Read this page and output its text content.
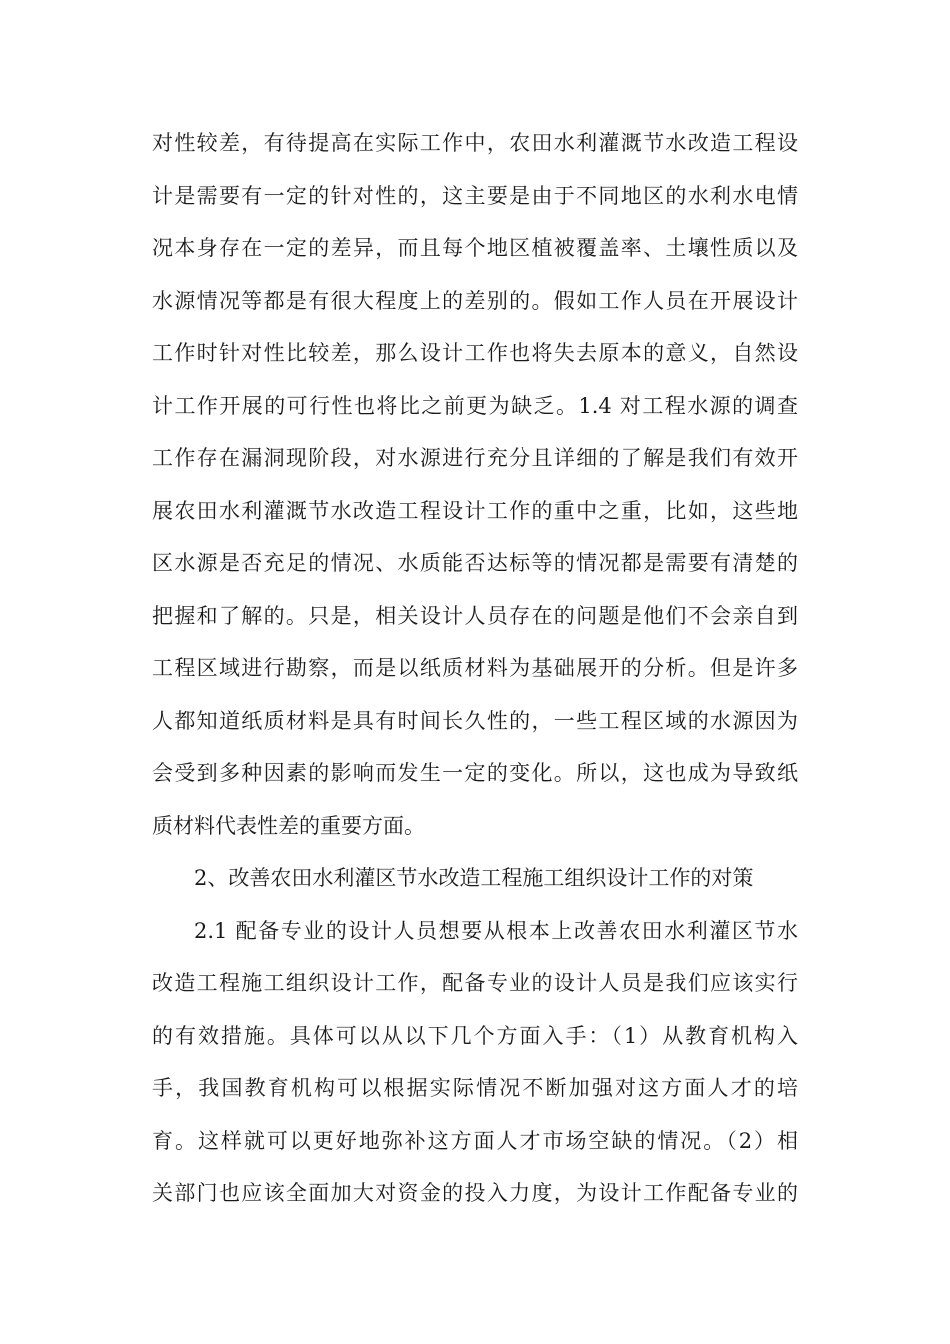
对性较差，有待提高在实际工作中，农田水利灌溉节水改造工程设
计是需要有一定的针对性的，这主要是由于不同地区的水利水电情
况本身存在一定的差异，而且每个地区植被覆盖率、土壤性质以及
水源情况等都是有很大程度上的差别的。假如工作人员在开展设计
工作时针对性比较差，那么设计工作也将失去原本的意义，自然设
计工作开展的可行性也将比之前更为缺乏。1.4 对工程水源的调查
工作存在漏洞现阶段，对水源进行充分且详细的了解是我们有效开
展农田水利灌溉节水改造工程设计工作的重中之重，比如，这些地
区水源是否充足的情况、水质能否达标等的情况都是需要有清楚的
把握和了解的。只是，相关设计人员存在的问题是他们不会亲自到
工程区域进行勘察，而是以纸质材料为基础展开的分析。但是许多
人都知道纸质材料是具有时间长久性的，一些工程区域的水源因为
会受到多种因素的影响而发生一定的变化。所以，这也成为导致纸
质材料代表性差的重要方面。
2、改善农田水利灌区节水改造工程施工组织设计工作的对策
2.1 配备专业的设计人员想要从根本上改善农田水利灌区节水
改造工程施工组织设计工作，配备专业的设计人员是我们应该实行
的有效措施。具体可以从以下几个方面入手：（1）从教育机构入
手，我国教育机构可以根据实际情况不断加强对这方面人才的培
育。这样就可以更好地弥补这方面人才市场空缺的情况。（2）相
关部门也应该全面加大对资金的投入力度，为设计工作配备专业的
